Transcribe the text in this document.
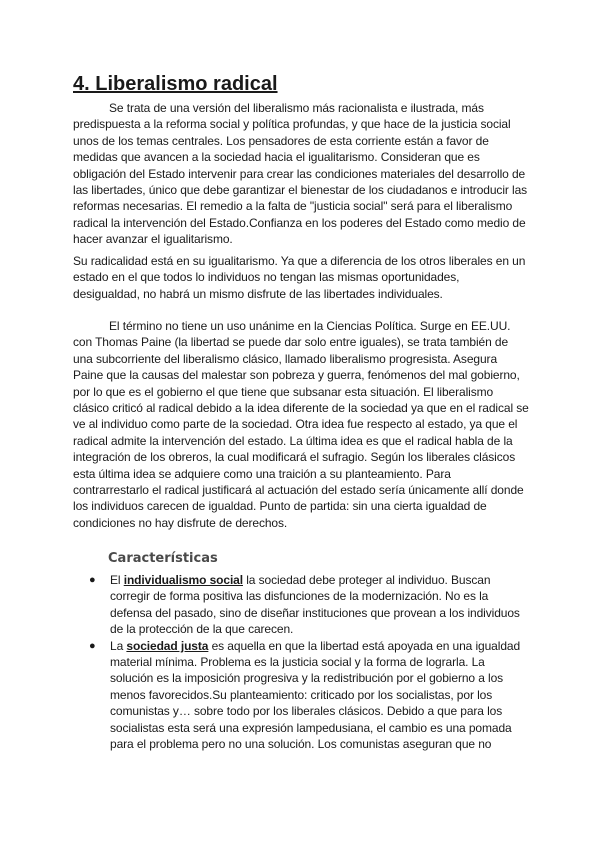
4. Liberalismo radical

Se trata de una versión del liberalismo más racionalista e ilustrada, más predispuesta a la reforma social y política profundas, y que hace de la justicia social unos de los temas centrales. Los pensadores de esta corriente están a favor de medidas que avancen a la sociedad hacia el igualitarismo. Consideran que es obligación del Estado intervenir para crear las condiciones materiales del desarrollo de las libertades, único que debe garantizar el bienestar de los ciudadanos e introducir las reformas necesarias. El remedio a la falta de "justicia social" será para el liberalismo radical la intervención del Estado.Confianza en los poderes del Estado como medio de hacer avanzar el igualitarismo.

Su radicalidad está en su igualitarismo. Ya que a diferencia de los otros liberales en un estado en el que todos lo individuos no tengan las mismas oportunidades, desigualdad, no habrá un mismo disfrute de las libertades individuales.

El término no tiene un uso unánime en la Ciencias Política. Surge en EE.UU. con Thomas Paine (la libertad se puede dar solo entre iguales), se trata también de una subcorriente del liberalismo clásico, llamado liberalismo progresista. Asegura Paine que la causas del malestar son pobreza y guerra, fenómenos del mal gobierno, por lo que es el gobierno el que tiene que subsanar esta situación. El liberalismo clásico criticó al radical debido a la idea diferente de la sociedad ya que en el radical se ve al individuo como parte de la sociedad. Otra idea fue respecto al estado, ya que el radical admite la intervención del estado. La última idea es que el radical habla de la integración de los obreros, la cual modificará el sufragio. Según los liberales clásicos esta última idea se adquiere como una traición a su planteamiento. Para contrarrestarlo el radical justificará al actuación del estado sería únicamente allí donde los individuos carecen de igualdad. Punto de partida: sin una cierta igualdad de condiciones no hay disfrute de derechos.

Características
● El individualismo social la sociedad debe proteger al individuo. Buscan corregir de forma positiva las disfunciones de la modernización. No es la defensa del pasado, sino de diseñar instituciones que provean a los individuos de la protección de la que carecen.
● La sociedad justa es aquella en que la libertad está apoyada en una igualdad material mínima. Problema es la justicia social y la forma de lograrla. La solución es la imposición progresiva y la redistribución por el gobierno a los menos favorecidos.Su planteamiento: criticado por los socialistas, por los comunistas y… sobre todo por los liberales clásicos. Debido a que para los socialistas esta será una expresión lampedusiana, el cambio es una pomada para el problema pero no una solución. Los comunistas aseguran que no
